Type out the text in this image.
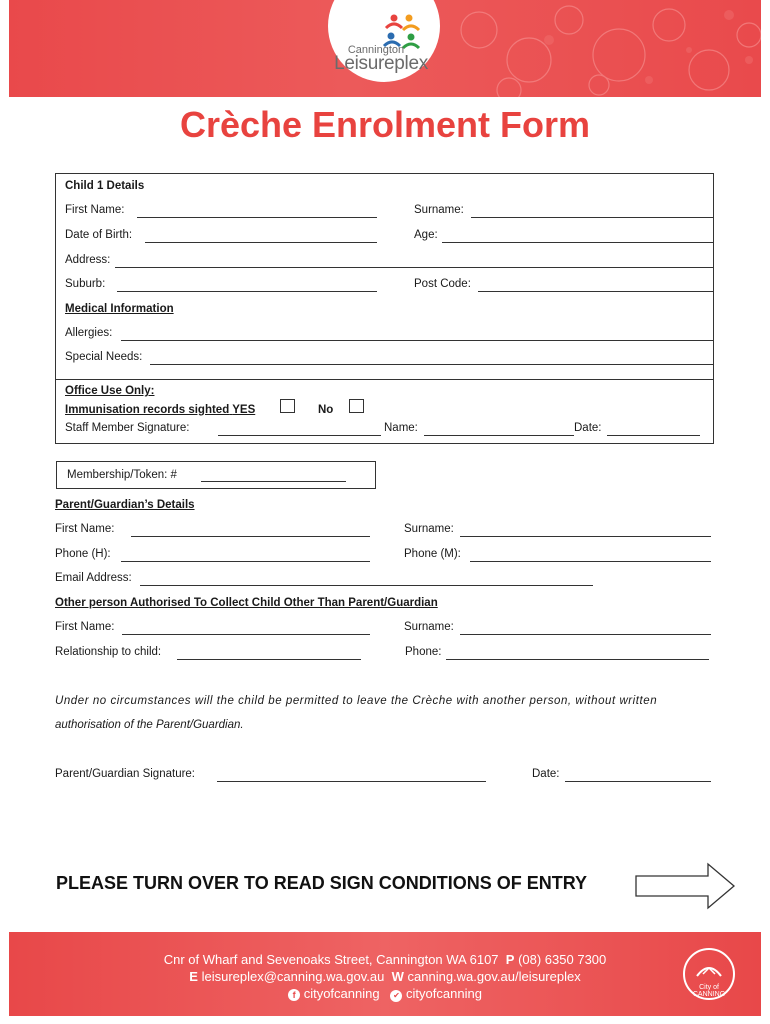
Cannington
Leisureplex
Crèche Enrolment Form
Child 1 Details
First Name:	Surname:
Date of Birth:	Age:
Address:
Suburb:	Post Code:
Medical Information
Allergies:
Special Needs:
Office Use Only:
Immunisation records sighted YES	No
Staff Member Signature:	Name:	Date:
Membership/Token: #
Parent/Guardian’s Details
First Name:	Surname:
Phone (H):	Phone (M):
Email Address:
Other person Authorised To Collect Child Other Than Parent/Guardian
First Name:	Surname:
Relationship to child:	Phone:
Under no circumstances will the child be permitted to leave the Crèche with another person, without written
authorisation of the Parent/Guardian.
Parent/Guardian Signature:	Date:
PLEASE TURN OVER TO READ SIGN CONDITIONS OF ENTRY
Cnr of Wharf and Sevenoaks Street, Cannington WA 6107 P (08) 6350 7300
E leisureplex@canning.wa.gov.au W canning.wa.gov.au/leisureplex
f cityofcanning ✔ cityofcanning	City of CANNING
